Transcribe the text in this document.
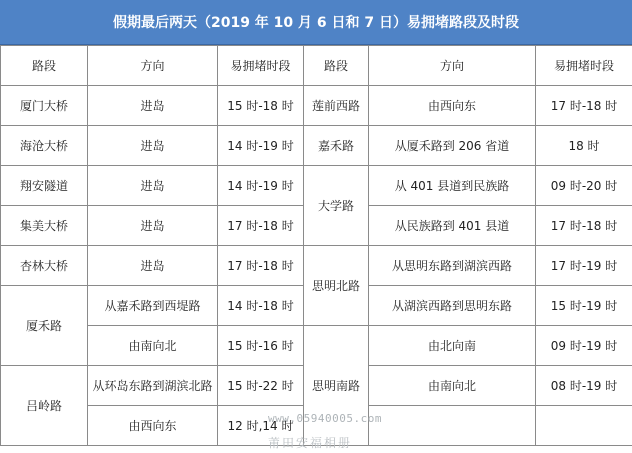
假期最后两天（2019 年 10 月 6 日和 7 日）易拥堵路段及时段
路段	方向	易拥堵时段	路段	方向	易拥堵时段
厦门大桥	进岛	15 时-18 时	莲前西路	由西向东	17 时-18 时
海沧大桥	进岛	14 时-19 时	嘉禾路	从厦禾路到 206 省道	18 时
翔安隧道	进岛	14 时-19 时	大学路	从 401 县道到民族路	09 时-20 时
集美大桥	进岛	17 时-18 时		从民族路到 401 县道	17 时-18 时
杏林大桥	进岛	17 时-18 时	思明北路	从思明东路到湖滨西路	17 时-19 时
厦禾路	从嘉禾路到西堤路	14 时-18 时		从湖滨西路到思明东路	15 时-19 时
	由南向北	15 时-16 时	思明南路	由北向南	09 时-19 时
吕岭路	从环岛东路到湖滨北路	15 时-22 时		由南向北	08 时-19 时
	由西向东	12 时,14 时			
www.05940005.com
莆田安福相册
